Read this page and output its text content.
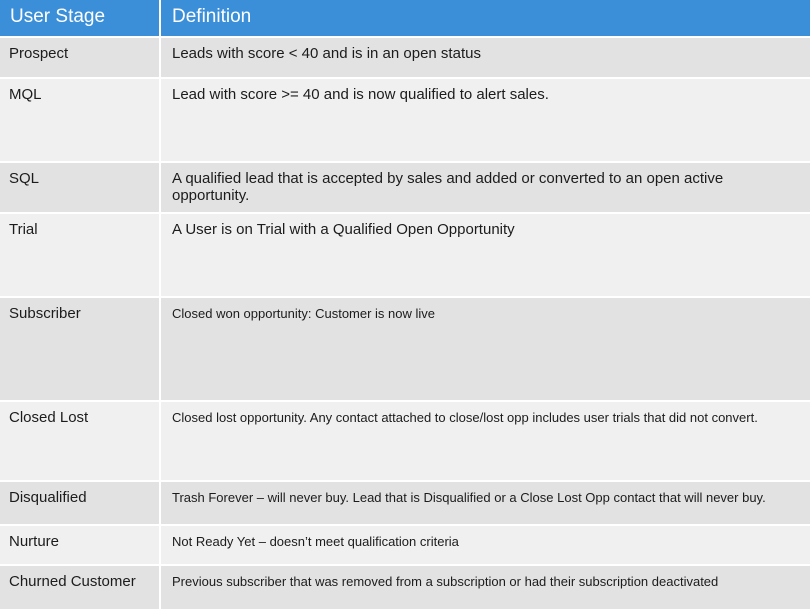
User Stage	Definition
Prospect	Leads with score < 40 and is in an open status
MQL	Lead with score >= 40 and is now qualified to alert sales.
SQL	A qualified lead that is accepted by sales and added or converted to an open active opportunity.
Trial	A User is on Trial with a Qualified Open Opportunity
Subscriber	Closed won opportunity: Customer is now live
Closed Lost	Closed lost opportunity. Any contact attached to close/lost opp includes user trials that did not convert.
Disqualified	Trash Forever – will never buy. Lead that is Disqualified or a Close Lost Opp contact that will never buy.
Nurture	Not Ready Yet – doesn’t meet qualification criteria
Churned Customer	Previous subscriber that was removed from a subscription or had their subscription deactivated
